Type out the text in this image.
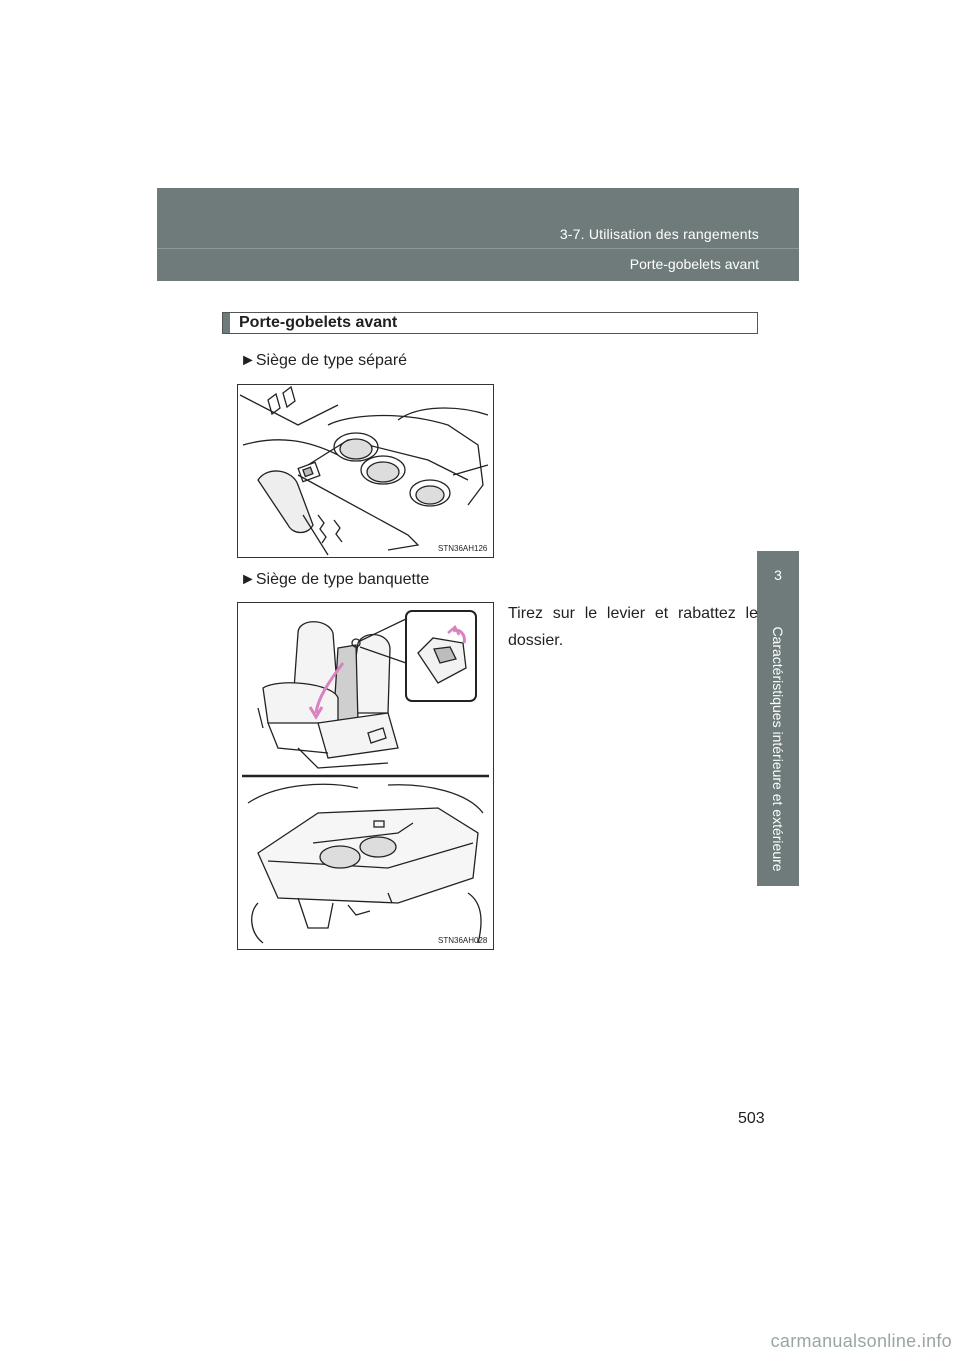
3-7. Utilisation des rangements
Porte-gobelets avant
3
Caractéristiques intérieure et extérieure
Porte-gobelets avant
►Siège de type séparé
STN36AH126
►Siège de type banquette
Tirez sur le levier et rabattez le dossier.
STN36AH028
503
carmanualsonline.info
